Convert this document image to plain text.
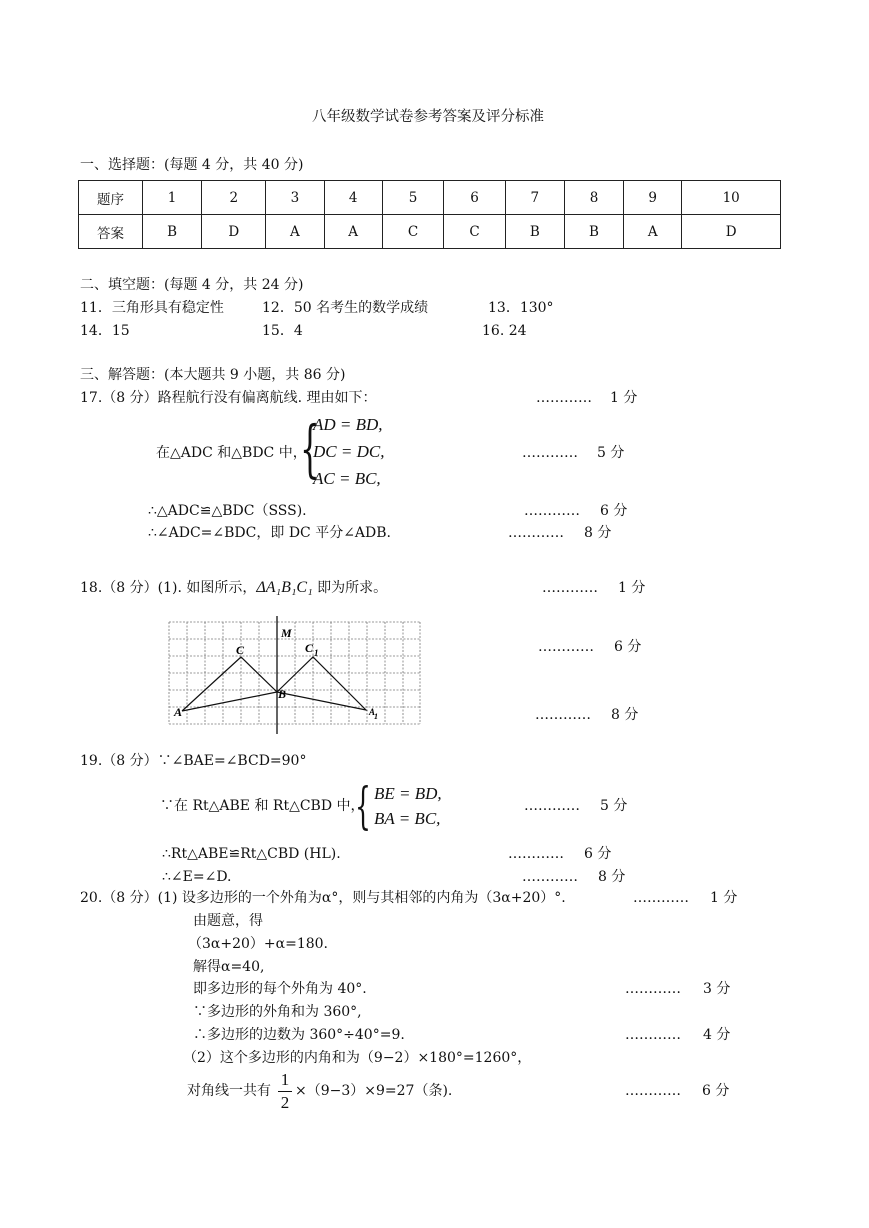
八年级数学试卷参考答案及评分标准
一、选择题：(每题 4 分，共 40 分)
题序	1	2	3	4	5	6	7	8	9	10
答案	B	D	A	A	C	C	B	B	A	D
二、填空题：(每题 4 分，共 24 分)
11．三角形具有稳定性	12．50 名考生的数学成绩	13．130°
14．15	15．4	16. 24
三、解答题：(本大题共 9 小题，共 86 分)
17.（8 分）路程航行没有偏离航线. 理由如下：	………… 1 分
在△ADC 和△BDC 中，
{
AD = BD,
DC = DC,
AC = BC,
………… 5 分
∴△ADC≌△BDC（SSS).	………… 6 分
∴∠ADC=∠BDC，即 DC 平分∠ADB.	………… 8 分
18.（8 分）(1). 如图所示，ΔA₁B₁C₁ 即为所求。	………… 1 分
M
C	C 1
B
A	A
1
………… 6 分
………… 8 分
19.（8 分）∵∠BAE=∠BCD=90°
∵在 Rt△ABE 和 Rt△CBD 中，
{ BE = BD,
BA = BC,
………… 5 分
∴Rt△ABE≌Rt△CBD (HL).	………… 6 分
∴∠E=∠D.	………… 8 分
20.（8 分）(1) 设多边形的一个外角为α°，则与其相邻的内角为（3α+20）°.	………… 1 分
由题意，得
（3α+20）+α=180.
解得α=40,
即多边形的每个外角为 40°.	………… 3 分
∵多边形的外角和为 360°,
∴多边形的边数为 360°÷40°=9.	………… 4 分
（2）这个多边形的内角和为（9−2）×180°=1260°，
对角线一共有
1
2
×（9−3）×9=27（条).	………… 6 分
